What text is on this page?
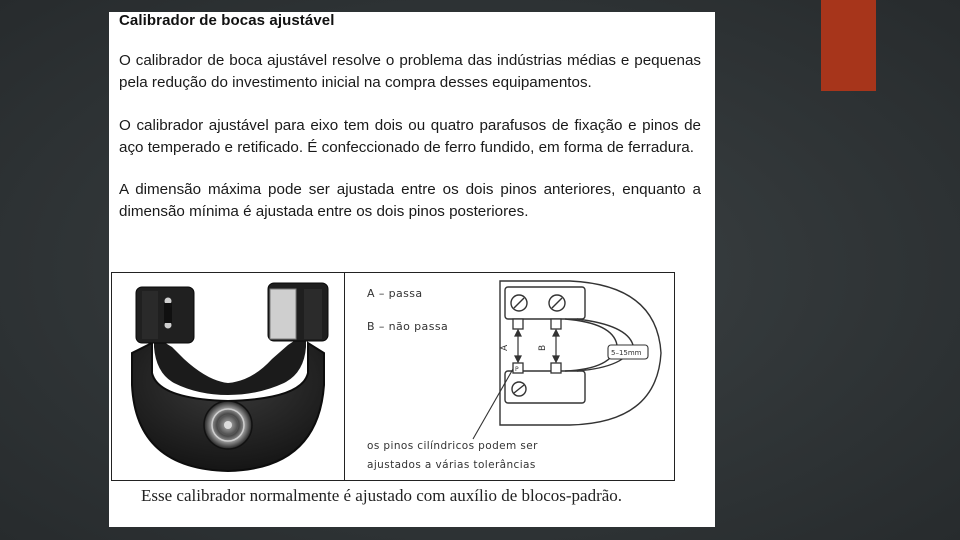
Calibrador de bocas ajustável

O calibrador de boca ajustável resolve o problema das indústrias médias e pequenas pela redução do investimento inicial na compra desses equipamentos.

O calibrador ajustável para eixo tem dois ou quatro parafusos de fixação e pinos de aço temperado e retificado. É confeccionado de ferro fundido, em forma de ferradura.

A dimensão máxima pode ser ajustada entre os dois pinos anteriores, enquanto a dimensão mínima é ajustada entre os dois pinos posteriores.

A – passa

B – não passa

P
A	B
5–15mm

os pinos cilíndricos podem ser
ajustados a várias tolerâncias

Esse calibrador normalmente é ajustado com auxílio de blocos-padrão.
